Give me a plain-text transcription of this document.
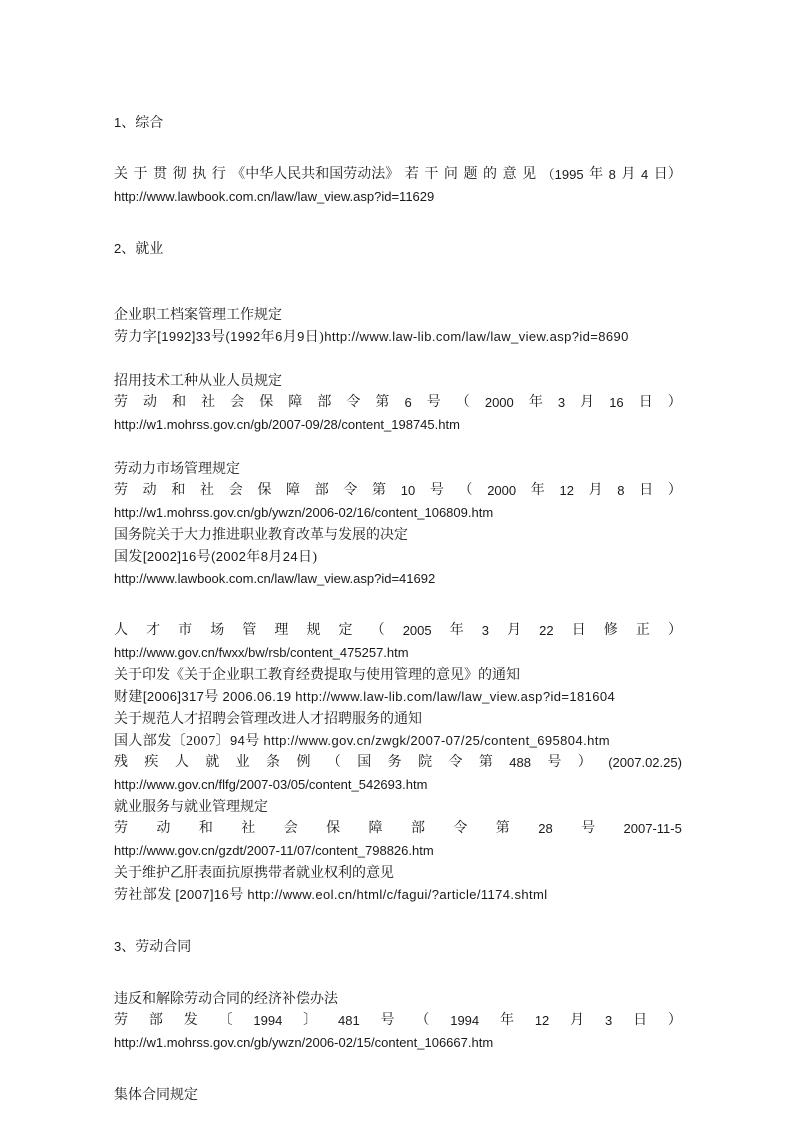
1、综合
关 于 贯 彻 执 行 《中华人民共和国劳动法》 若 干 问 题 的 意 见 （1995 年 8 月 4 日）
http://www.lawbook.com.cn/law/law_view.asp?id=11629
2、就业
企业职工档案管理工作规定
劳力字[1992]33号(1992年6月9日)http://www.law-lib.com/law/law_view.asp?id=8690
招用技术工种从业人员规定
劳 动 和 社 会 保 障 部 令 第 6 号 （ 2000 年 3 月 16 日 ）
http://w1.mohrss.gov.cn/gb/2007-09/28/content_198745.htm
劳动力市场管理规定
劳 动 和 社 会 保 障 部 令 第 10 号 （ 2000 年 12 月 8 日 ）
http://w1.mohrss.gov.cn/gb/ywzn/2006-02/16/content_106809.htm
国务院关于大力推进职业教育改革与发展的决定
国发[2002]16号(2002年8月24日)
http://www.lawbook.com.cn/law/law_view.asp?id=41692
人 才 市 场 管 理 规 定 （ 2005 年 3 月 22 日 修 正 ）
http://www.gov.cn/fwxx/bw/rsb/content_475257.htm
关于印发《关于企业职工教育经费提取与使用管理的意见》的通知
财建[2006]317号 2006.06.19 http://www.law-lib.com/law/law_view.asp?id=181604
关于规范人才招聘会管理改进人才招聘服务的通知
国人部发〔2007〕94号 http://www.gov.cn/zwgk/2007-07/25/content_695804.htm
残 疾 人 就 业 条 例 （ 国 务 院 令 第 488 号 ） (2007.02.25)
http://www.gov.cn/flfg/2007-03/05/content_542693.htm
就业服务与就业管理规定
劳 动 和 社 会 保 障 部 令 第 28 号 2007-11-5
http://www.gov.cn/gzdt/2007-11/07/content_798826.htm
关于维护乙肝表面抗原携带者就业权利的意见
劳社部发 [2007]16号 http://www.eol.cn/html/c/fagui/?article/1174.shtml
3、劳动合同
违反和解除劳动合同的经济补偿办法
劳 部 发 〔 1994 〕 481 号 （ 1994 年 12 月 3 日 ）
http://w1.mohrss.gov.cn/gb/ywzn/2006-02/15/content_106667.htm
集体合同规定
